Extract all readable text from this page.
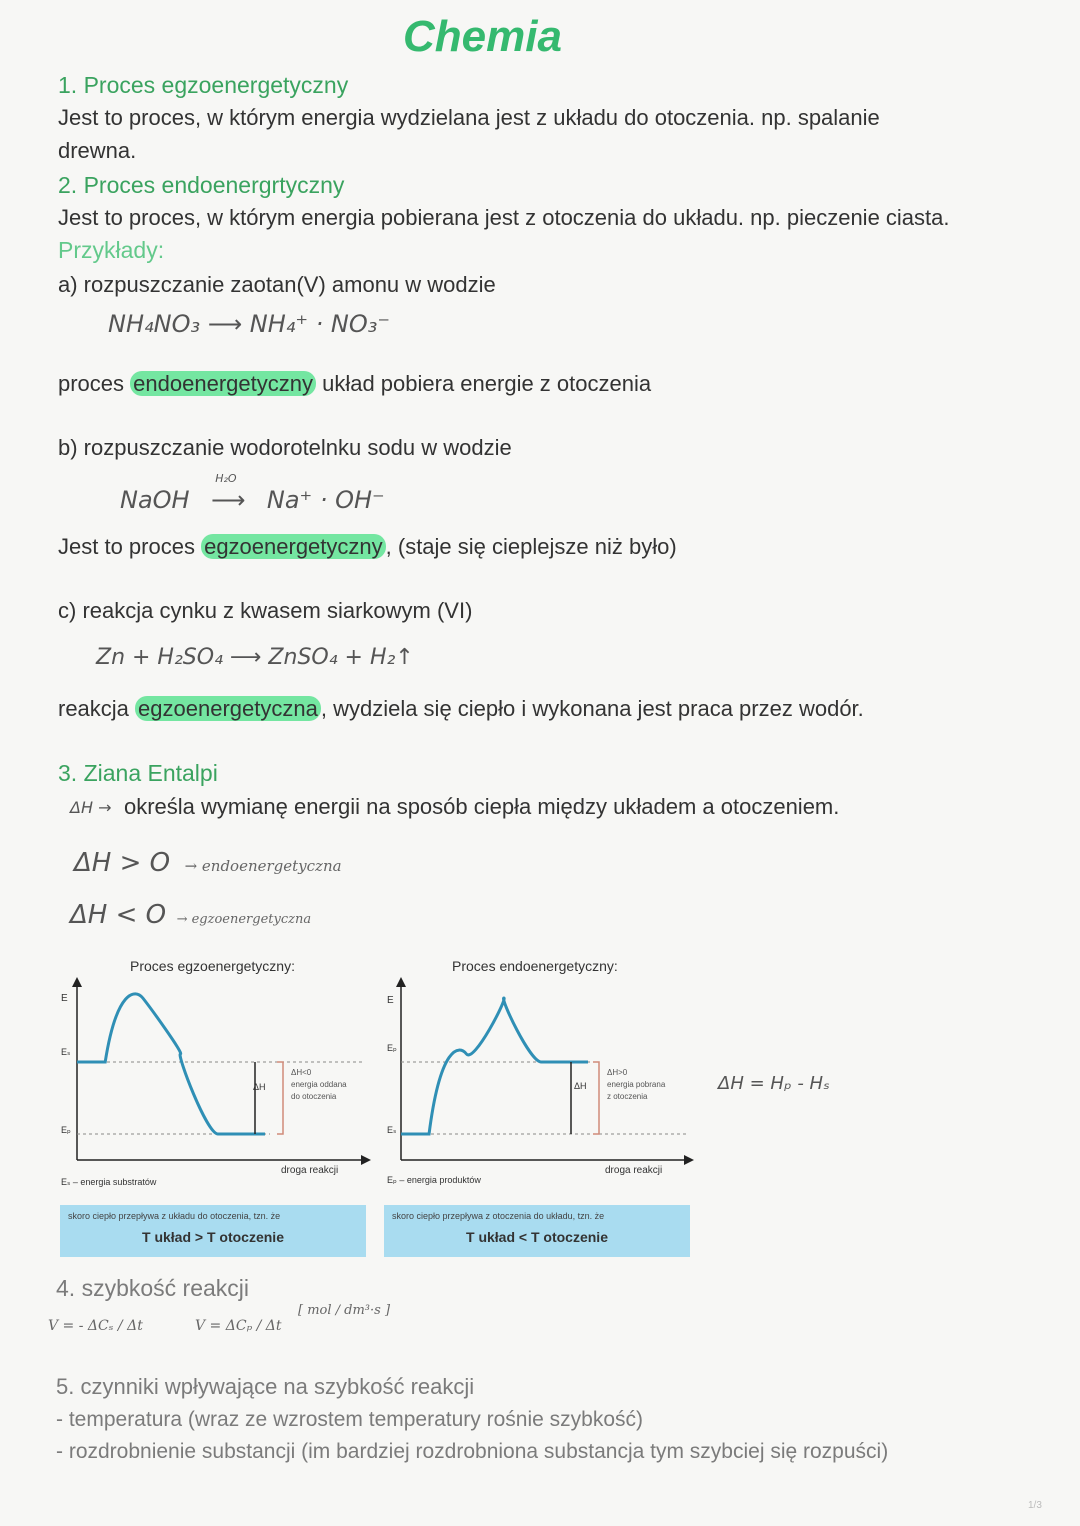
Chemia
1. Proces egzoenergetyczny
Jest to proces, w którym energia wydzielana jest z układu do otoczenia. np. spalanie
drewna.
2. Proces endoenergrtyczny
Jest to proces, w którym energia pobierana jest z otoczenia do układu. np. pieczenie ciasta.
Przykłady:
a) rozpuszczanie zaotan(V) amonu w wodzie
NH₄NO₃ ⟶ NH₄⁺ · NO₃⁻
proces endoenergetyczny układ pobiera energie z otoczenia
b) rozpuszczanie wodorotelnku sodu w wodzie
NaOH
H₂O
⟶ Na⁺ · OH⁻
Jest to proces egzoenergetyczny , (staje się cieplejsze niż było)
c) reakcja cynku z kwasem siarkowym (VI)
Zn + H₂SO₄ ⟶ ZnSO₄ + H₂↑
reakcja egzoenergetyczna , wydziela się ciepło i wykonana jest praca przez wodór.
3. Ziana Entalpi
ΔH → określa wymianę energii na sposób ciepła między układem a otoczeniem.
ΔH > O → endoenergetyczna
ΔH < O → egzoenergetyczna
Proces egzoenergetyczny:
E
Eₛ
Eₚ
ΔH
ΔH<0
energia oddana
do otoczenia
droga reakcji
Eₛ – energia substratów
skoro ciepło przepływa z układu do otoczenia, tzn. że
T układ > T otoczenie
Proces endoenergetyczny:
E
Eₚ
Eₛ
ΔH
ΔH>0
energia pobrana
z otoczenia
droga reakcji
Eₚ – energia produktów
skoro ciepło przepływa z otoczenia do układu, tzn. że
T układ < T otoczenie
ΔH = Hₚ - Hₛ
4. szybkość reakcji
V = - ΔCₛ / Δt	V = ΔCₚ / Δt
[ mol / dm³·s ]
5. czynniki wpływające na szybkość reakcji
- temperatura (wraz ze wzrostem temperatury rośnie szybkość)
- rozdrobnienie substancji (im bardziej rozdrobniona substancja tym szybciej się rozpuści)
1/3
